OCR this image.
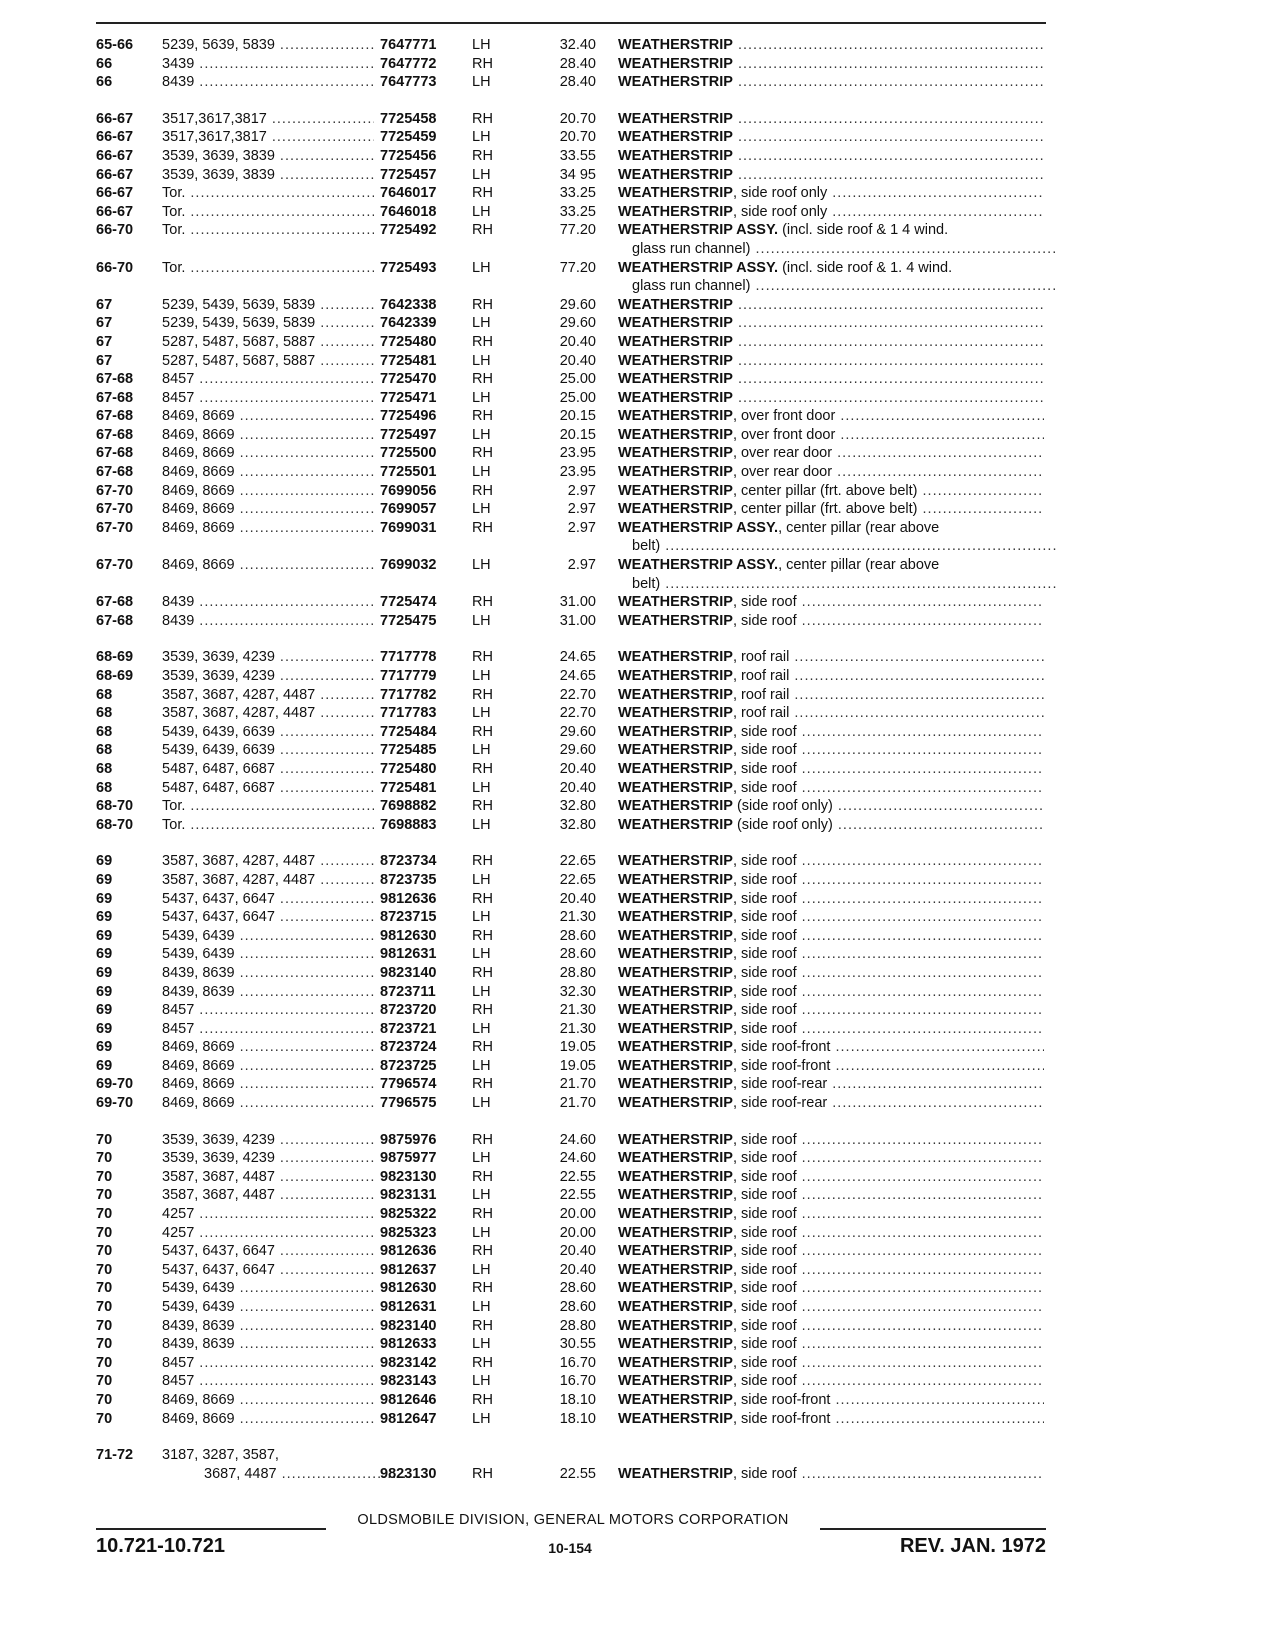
65-66	5239, 5639, 5839 .....	7647771	LH	32.40 WEATHERSTRIP .....
66	3439 .....	7647772	RH	28.40 WEATHERSTRIP .....
66	8439 .....	7647773	LH	28.40 WEATHERSTRIP .....
66-67	3517,3617,3817 .....	7725458	RH	20.70 WEATHERSTRIP .....
66-67	3517,3617,3817 .....	7725459	LH	20.70 WEATHERSTRIP .....
66-67	3539, 3639, 3839 .....	7725456	RH	33.55 WEATHERSTRIP .....
66-67	3539, 3639, 3839 .....	7725457	LH	34 95 WEATHERSTRIP .....
66-67	Tor. .....	7646017	RH	33.25 WEATHERSTRIP, side roof only .....
66-67	Tor. .....	7646018	LH	33.25 WEATHERSTRIP, side roof only .....
66-70	Tor. .....	7725492	RH	77.20 WEATHERSTRIP ASSY. (incl. side roof & 1 4 wind.
glass run channel) .....
66-70	Tor. .....	7725493	LH	77.20 WEATHERSTRIP ASSY. (incl. side roof & 1. 4 wind.
glass run channel) .....
67	5239, 5439, 5639, 5839 .....	7642338	RH	29.60 WEATHERSTRIP .....
67	5239, 5439, 5639, 5839 .....	7642339	LH	29.60 WEATHERSTRIP .....
67	5287, 5487, 5687, 5887 .....	7725480	RH	20.40 WEATHERSTRIP .....
67	5287, 5487, 5687, 5887 .....	7725481	LH	20.40 WEATHERSTRIP .....
67-68	8457 .....	7725470	RH	25.00 WEATHERSTRIP .....
67-68	8457 .....	7725471	LH	25.00 WEATHERSTRIP .....
67-68	8469, 8669 .....	7725496	RH	20.15 WEATHERSTRIP, over front door .....
67-68	8469, 8669 .....	7725497	LH	20.15 WEATHERSTRIP, over front door .....
67-68	8469, 8669 .....	7725500	RH	23.95 WEATHERSTRIP, over rear door .....
67-68	8469, 8669 .....	7725501	LH	23.95 WEATHERSTRIP, over rear door .....
67-70	8469, 8669 .....	7699056	RH	2.97 WEATHERSTRIP, center pillar (frt. above belt) .....
67-70	8469, 8669 .....	7699057	LH	2.97 WEATHERSTRIP, center pillar (frt. above belt) .....
67-70	8469, 8669 .....	7699031	RH	2.97 WEATHERSTRIP ASSY., center pillar (rear above
belt) .....
67-70	8469, 8669 .....	7699032	LH	2.97 WEATHERSTRIP ASSY., center pillar (rear above
belt) .....
67-68	8439 .....	7725474	RH	31.00 WEATHERSTRIP, side roof .....
67-68	8439 .....	7725475	LH	31.00 WEATHERSTRIP, side roof .....
68-69	3539, 3639, 4239 .....	7717778	RH	24.65 WEATHERSTRIP, roof rail .....
68-69	3539, 3639, 4239 .....	7717779	LH	24.65 WEATHERSTRIP, roof rail .....
68	3587, 3687, 4287, 4487 .....	7717782	RH	22.70 WEATHERSTRIP, roof rail .....
68	3587, 3687, 4287, 4487 .....	7717783	LH	22.70 WEATHERSTRIP, roof rail .....
68	5439, 6439, 6639 .....	7725484	RH	29.60 WEATHERSTRIP, side roof .....
68	5439, 6439, 6639 .....	7725485	LH	29.60 WEATHERSTRIP, side roof .....
68	5487, 6487, 6687 .....	7725480	RH	20.40 WEATHERSTRIP, side roof .....
68	5487, 6487, 6687 .....	7725481	LH	20.40 WEATHERSTRIP, side roof .....
68-70	Tor. .....	7698882	RH	32.80 WEATHERSTRIP (side roof only) .....
68-70	Tor. .....	7698883	LH	32.80 WEATHERSTRIP (side roof only) .....
69	3587, 3687, 4287, 4487 .....	8723734	RH	22.65 WEATHERSTRIP, side roof .....
69	3587, 3687, 4287, 4487 .....	8723735	LH	22.65 WEATHERSTRIP, side roof .....
69	5437, 6437, 6647 .....	9812636	RH	20.40 WEATHERSTRIP, side roof .....
69	5437, 6437, 6647 .....	8723715	LH	21.30 WEATHERSTRIP, side roof .....
69	5439, 6439 .....	9812630	RH	28.60 WEATHERSTRIP, side roof .....
69	5439, 6439 .....	9812631	LH	28.60 WEATHERSTRIP, side roof .....
69	8439, 8639 .....	9823140	RH	28.80 WEATHERSTRIP, side roof .....
69	8439, 8639 .....	8723711	LH	32.30 WEATHERSTRIP, side roof .....
69	8457 .....	8723720	RH	21.30 WEATHERSTRIP, side roof .....
69	8457 .....	8723721	LH	21.30 WEATHERSTRIP, side roof .....
69	8469, 8669 .....	8723724	RH	19.05 WEATHERSTRIP, side roof-front .....
69	8469, 8669 .....	8723725	LH	19.05 WEATHERSTRIP, side roof-front .....
69-70	8469, 8669 .....	7796574	RH	21.70 WEATHERSTRIP, side roof-rear .....
69-70	8469, 8669 .....	7796575	LH	21.70 WEATHERSTRIP, side roof-rear .....
70	3539, 3639, 4239 .....	9875976	RH	24.60 WEATHERSTRIP, side roof .....
70	3539, 3639, 4239 .....	9875977	LH	24.60 WEATHERSTRIP, side roof .....
70	3587, 3687, 4487 .....	9823130	RH	22.55 WEATHERSTRIP, side roof .....
70	3587, 3687, 4487 .....	9823131	LH	22.55 WEATHERSTRIP, side roof .....
70	4257 .....	9825322	RH	20.00 WEATHERSTRIP, side roof .....
70	4257 .....	9825323	LH	20.00 WEATHERSTRIP, side roof .....
70	5437, 6437, 6647 .....	9812636	RH	20.40 WEATHERSTRIP, side roof .....
70	5437, 6437, 6647 .....	9812637	LH	20.40 WEATHERSTRIP, side roof .....
70	5439, 6439 .....	9812630	RH	28.60 WEATHERSTRIP, side roof .....
70	5439, 6439 .....	9812631	LH	28.60 WEATHERSTRIP, side roof .....
70	8439, 8639 .....	9823140	RH	28.80 WEATHERSTRIP, side roof .....
70	8439, 8639 .....	9812633	LH	30.55 WEATHERSTRIP, side roof .....
70	8457 .....	9823142	RH	16.70 WEATHERSTRIP, side roof .....
70	8457 .....	9823143	LH	16.70 WEATHERSTRIP, side roof .....
70	8469, 8669 .....	9812646	RH	18.10 WEATHERSTRIP, side roof-front .....
70	8469, 8669 .....	9812647	LH	18.10 WEATHERSTRIP, side roof-front .....
71-72	3187, 3287, 3587,
3687, 4487 .....	9823130	RH	22.55 WEATHERSTRIP, side roof .....
OLDSMOBILE DIVISION, GENERAL MOTORS CORPORATION
10.721-10.721	10-154	REV. JAN. 1972
